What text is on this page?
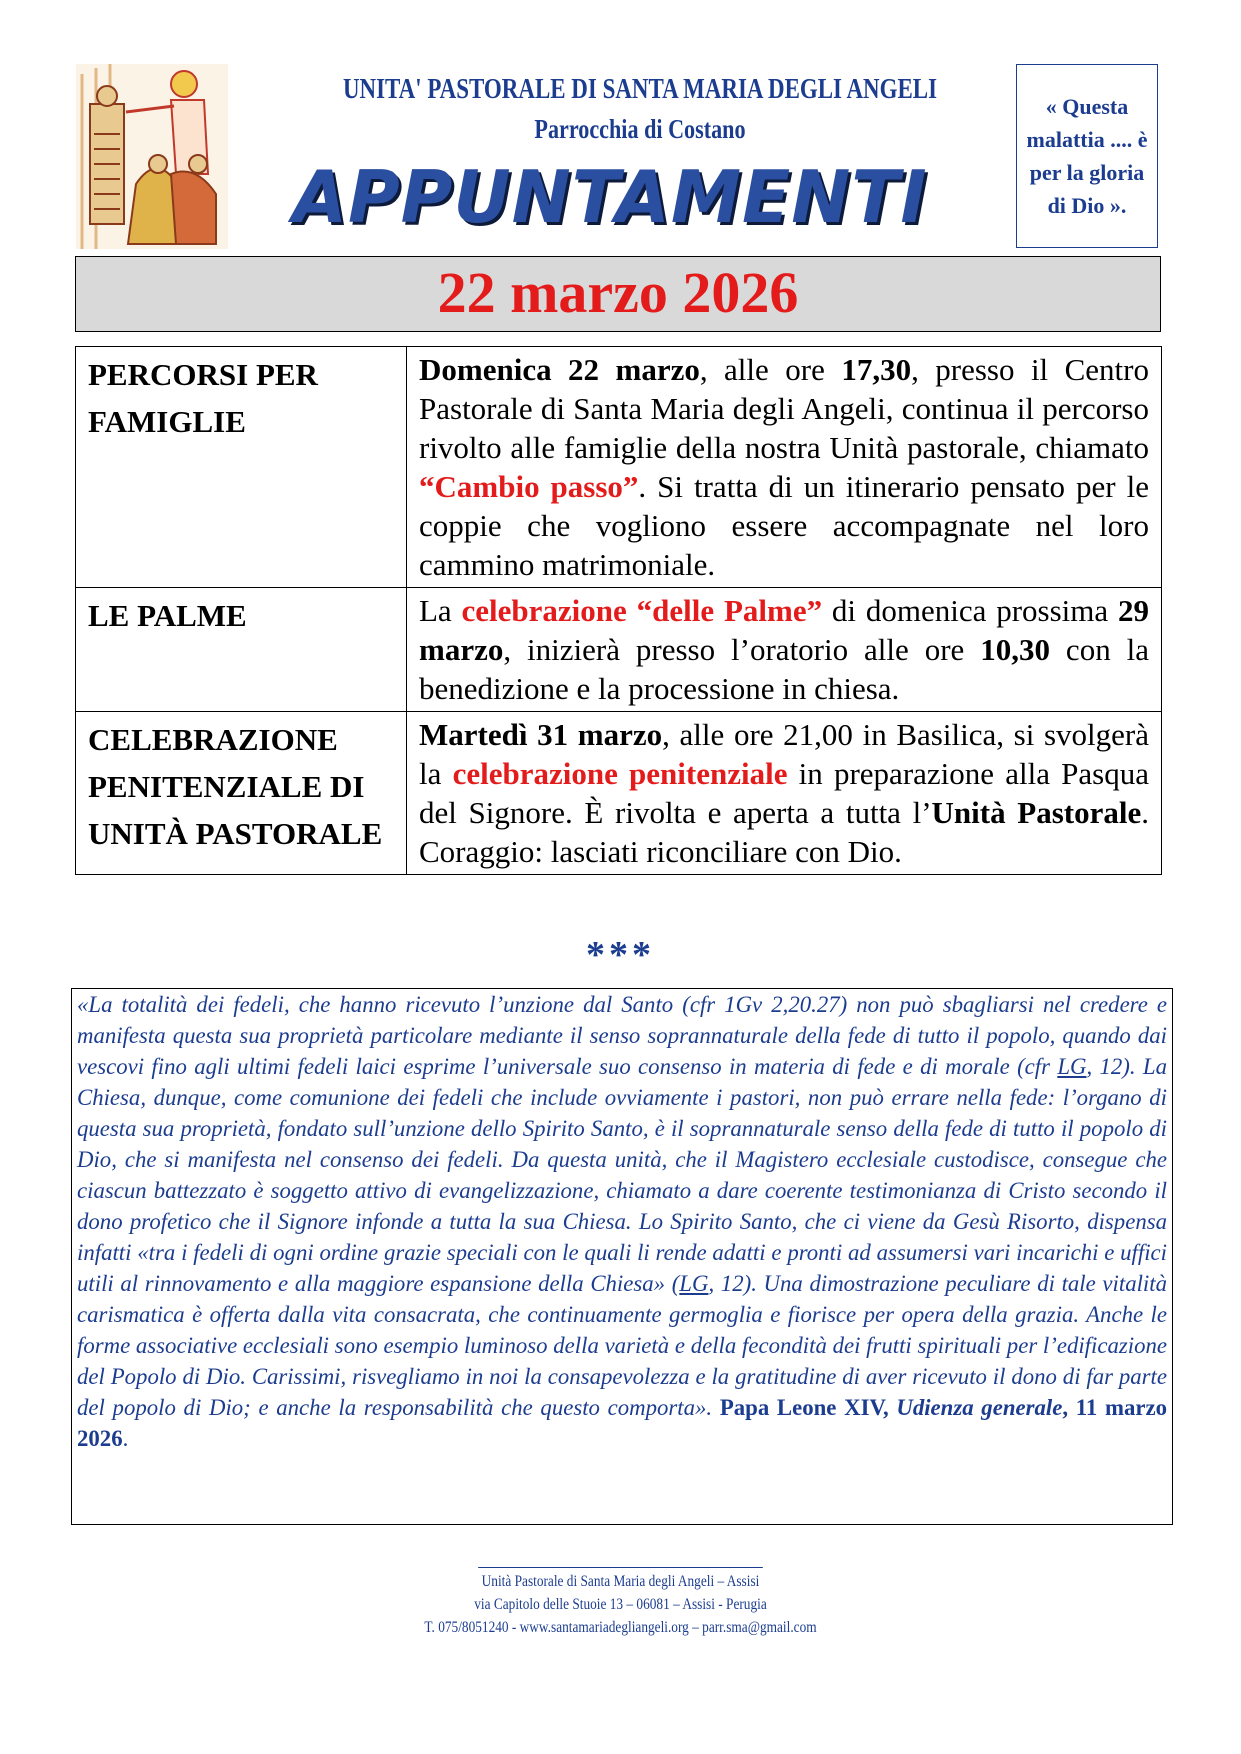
UNITA' PASTORALE DI SANTA MARIA DEGLI ANGELI
Parrocchia di Costano
APPUNTAMENTI
« Questa malattia .... è per la gloria di Dio ».
22 marzo 2026
PERCORSI PER FAMIGLIE	Domenica 22 marzo, alle ore 17,30, presso il Centro Pastorale di Santa Maria degli Angeli, continua il percorso rivolto alle famiglie della nostra Unità pastorale, chiamato “Cambio passo”. Si tratta di un itinerario pensato per le coppie che vogliono essere accompagnate nel loro cammino matrimoniale.
LE PALME	La celebrazione “delle Palme” di domenica prossima 29 marzo, inizierà presso l’oratorio alle ore 10,30 con la benedizione e la processione in chiesa.
CELEBRAZIONE PENITENZIALE DI UNITÀ PASTORALE	Martedì 31 marzo, alle ore 21,00 in Basilica, si svolgerà la celebrazione penitenziale in preparazione alla Pasqua del Signore. È rivolta e aperta a tutta l’Unità Pastorale. Coraggio: lasciati riconciliare con Dio.
***
«La totalità dei fedeli, che hanno ricevuto l’unzione dal Santo (cfr 1Gv 2,20.27) non può sbagliarsi nel credere e manifesta questa sua proprietà particolare mediante il senso soprannaturale della fede di tutto il popolo, quando dai vescovi fino agli ultimi fedeli laici esprime l’universale suo consenso in materia di fede e di morale (cfr LG, 12). La Chiesa, dunque, come comunione dei fedeli che include ovviamente i pastori, non può errare nella fede: l’organo di questa sua proprietà, fondato sull’unzione dello Spirito Santo, è il soprannaturale senso della fede di tutto il popolo di Dio, che si manifesta nel consenso dei fedeli. Da questa unità, che il Magistero ecclesiale custodisce, consegue che ciascun battezzato è soggetto attivo di evangelizzazione, chiamato a dare coerente testimonianza di Cristo secondo il dono profetico che il Signore infonde a tutta la sua Chiesa. Lo Spirito Santo, che ci viene da Gesù Risorto, dispensa infatti «tra i fedeli di ogni ordine grazie speciali con le quali li rende adatti e pronti ad assumersi vari incarichi e uffici utili al rinnovamento e alla maggiore espansione della Chiesa» (LG, 12). Una dimostrazione peculiare di tale vitalità carismatica è offerta dalla vita consacrata, che continuamente germoglia e fiorisce per opera della grazia. Anche le forme associative ecclesiali sono esempio luminoso della varietà e della fecondità dei frutti spirituali per l’edificazione del Popolo di Dio. Carissimi, risvegliamo in noi la consapevolezza e la gratitudine di aver ricevuto il dono di far parte del popolo di Dio; e anche la responsabilità che questo comporta». Papa Leone XIV, Udienza generale, 11 marzo 2026.
Unità Pastorale di Santa Maria degli Angeli – Assisi
via Capitolo delle Stuoie 13 – 06081 – Assisi - Perugia
T. 075/8051240 - www.santamariadegliangeli.org – parr.sma@gmail.com
